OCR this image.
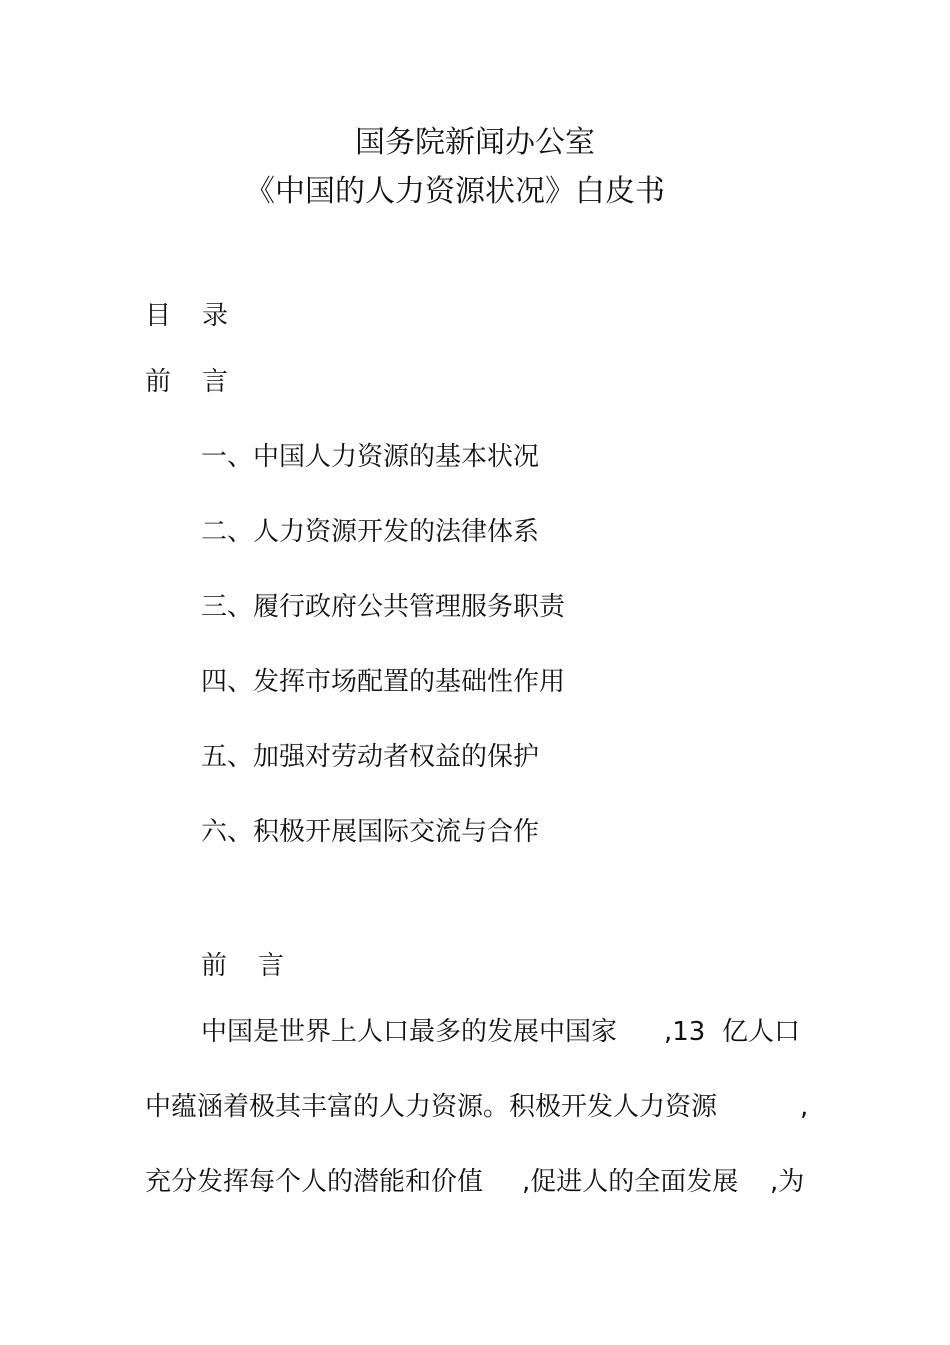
国务院新闻办公室
《中国的人力资源状况》白皮书
目 录
前 言
一、中国人力资源的基本状况
二、人力资源开发的法律体系
三、履行政府公共管理服务职责
四、发挥市场配置的基础性作用
五、加强对劳动者权益的保护
六、积极开展国际交流与合作
前 言
中国是世界上人口最多的发展中国家 ,13 亿人口
中蕴涵着极其丰富的人力资源。积极开发人力资源	,
充分发挥每个人的潜能和价值 ,促进人的全面发展 ,为
